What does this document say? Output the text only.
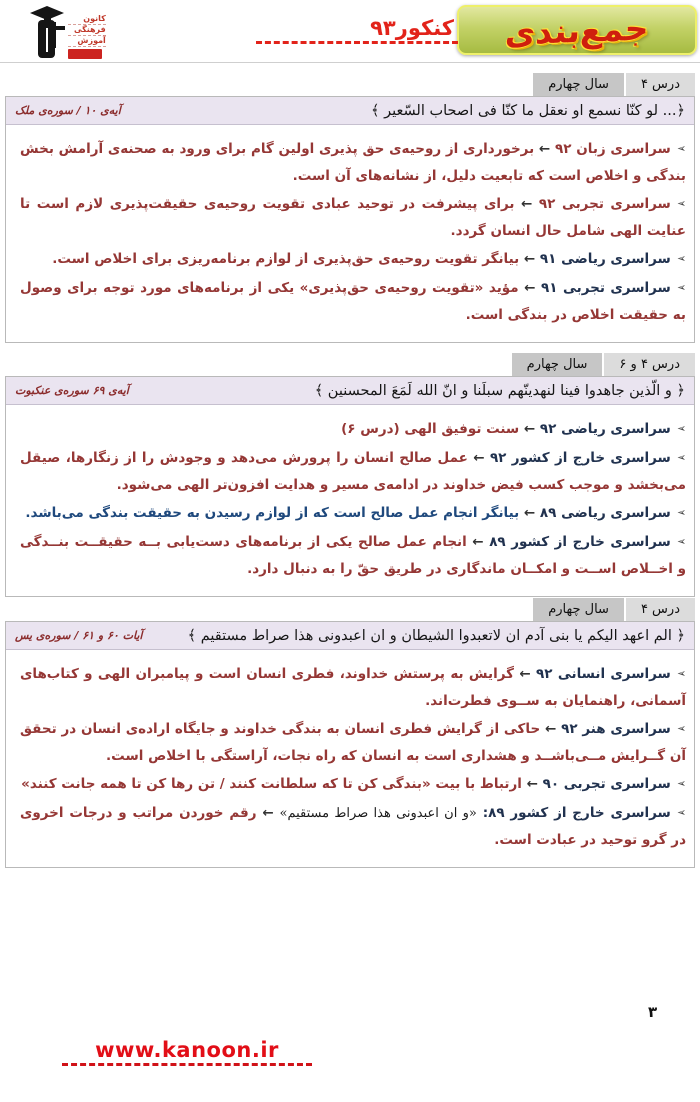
کانون
فرهنگی
آموزش	جمع‌بندی
کنکور۹۳
درس ۴
سال چهارم
﴿... لو کنّا نسمع او نعقل ما کنّا فی اصحاب السّعیر ﴾
آیه‌ی ۱۰ / سوره‌ی ملک
➢سراسری زبان ۹۲ ← برخورداری از روحیه‌ی حق پذیری اولین گام برای ورود به صحنه‌ی آرامش بخش بندگی و اخلاص است که تابعیت دلیل، از نشانه‌های آن است.
➢سراسری تجربی ۹۲ ← برای پیشرفت در توحید عبادی تقویت روحیه‌ی حقیقت‌پذیری لازم است تا عنایت الهی شامل حال انسان گردد.
➢سراسری ریاضی ۹۱ ← بیانگر تقویت روحیه‌ی حق‌پذیری از لوازم برنامه‌ریزی برای اخلاص است.
➢سراسری تجربی ۹۱ ← مؤید «تقویت روحیه‌ی حق‌پذیری» یکی از برنامه‌های مورد توجه برای وصول به حقیقت اخلاص در بندگی است.
درس ۴ و ۶
سال چهارم
﴿ و الّذین جاهدوا فینا لنهدینّهم سبلَنا و انّ الله لَمَعَ المحسنین ﴾
آیه‌ی ۶۹ سوره‌ی عنکبوت
➢سراسری ریاضی ۹۲ ← سنت توفیق الهی (درس ۶)
➢سراسری خارج از کشور ۹۲ ← عمل صالح انسان را پرورش می‌دهد و وجودش را از زنگارها، صیقل می‌بخشد و موجب کسب فیض خداوند در ادامه‌ی مسیر و هدایت افزون‌تر الهی می‌شود.
➢سراسری ریاضی ۸۹ ← بیانگر انجام عمل صالح است که از لوازم رسیدن به حقیقت بندگی می‌باشد.
➢سراسری خارج از کشور ۸۹ ← انجام عمل صالح یکی از برنامه‌های دست‌یابی بــه حقیقــت بنــدگی و اخــلاص اســت و امکــان ماندگاری در طریق حقّ را به دنبال دارد.
درس ۴
سال چهارم
﴿ الم اعهد الیکم یا بنی آدم ان لاتعبدوا الشیطان و ان اعبدونی هذا صراط مستقیم ﴾
آیات ۶۰ و ۶۱ / سوره‌ی یس
➢سراسری انسانی ۹۲ ← گرایش به پرستش خداوند، فطری انسان است و پیامبران الهی و کتاب‌های آسمانی، راهنمایان به ســوی فطرت‌اند.
➢سراسری هنر ۹۲ ← حاکی از گرایش فطری انسان به بندگی خداوند و جایگاه اراده‌ی انسان در تحقق آن گــرایش مــی‌باشــد و هشداری است به انسان که راه نجات، آراستگی با اخلاص است.
➢سراسری تجربی ۹۰ ← ارتباط با بیت «بندگی کن تا که سلطانت کنند / تن رها کن تا همه جانت کنند»
➢سراسری خارج از کشور ۸۹: «و ان اعبدونی هذا صراط مستقیم» ← رقم خوردن مراتب و درجات اخروی در گرو توحید در عبادت است.
۳
www.kanoon.ir
